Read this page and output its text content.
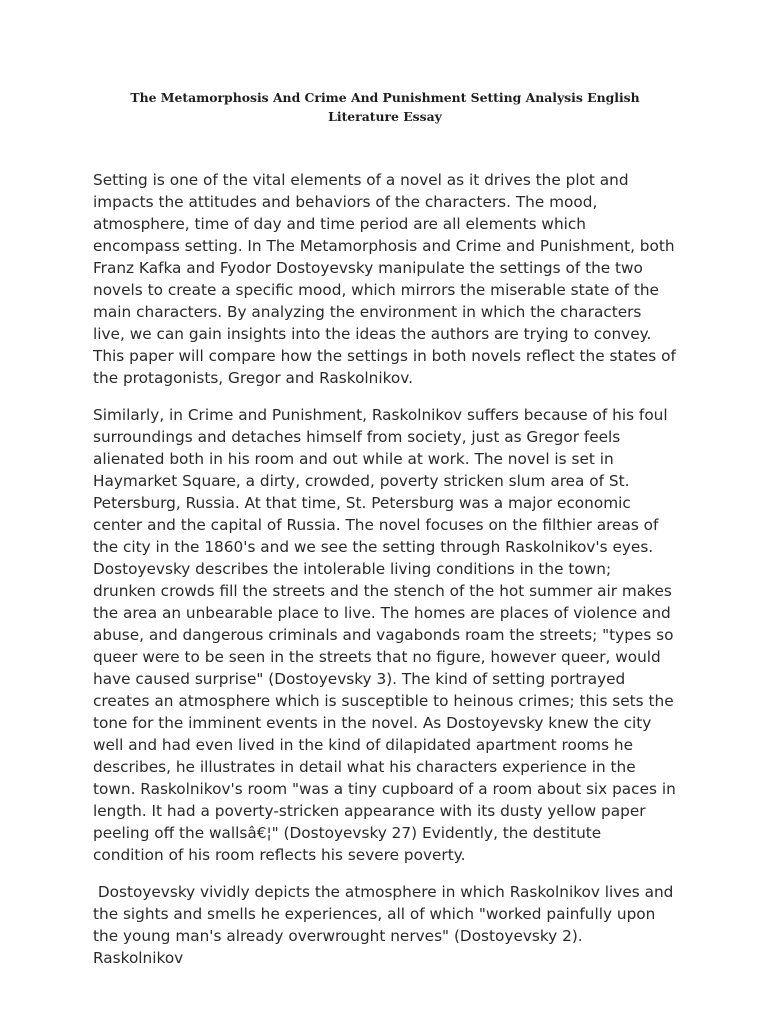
The Metamorphosis And Crime And Punishment Setting Analysis English Literature Essay

Setting is one of the vital elements of a novel as it drives the plot and impacts the attitudes and behaviors of the characters. The mood, atmosphere, time of day and time period are all elements which encompass setting. In The Metamorphosis and Crime and Punishment, both Franz Kafka and Fyodor Dostoyevsky manipulate the settings of the two novels to create a specific mood, which mirrors the miserable state of the main characters. By analyzing the environment in which the characters live, we can gain insights into the ideas the authors are trying to convey. This paper will compare how the settings in both novels reflect the states of the protagonists, Gregor and Raskolnikov.

Similarly, in Crime and Punishment, Raskolnikov suffers because of his foul surroundings and detaches himself from society, just as Gregor feels alienated both in his room and out while at work. The novel is set in Haymarket Square, a dirty, crowded, poverty stricken slum area of St. Petersburg, Russia. At that time, St. Petersburg was a major economic center and the capital of Russia. The novel focuses on the filthier areas of the city in the 1860's and we see the setting through Raskolnikov's eyes. Dostoyevsky describes the intolerable living conditions in the town; drunken crowds fill the streets and the stench of the hot summer air makes the area an unbearable place to live. The homes are places of violence and abuse, and dangerous criminals and vagabonds roam the streets; "types so queer were to be seen in the streets that no figure, however queer, would have caused surprise" (Dostoyevsky 3). The kind of setting portrayed creates an atmosphere which is susceptible to heinous crimes; this sets the tone for the imminent events in the novel. As Dostoyevsky knew the city well and had even lived in the kind of dilapidated apartment rooms he describes, he illustrates in detail what his characters experience in the town. Raskolnikov's room "was a tiny cupboard of a room about six paces in length. It had a poverty-stricken appearance with its dusty yellow paper peeling off the wallsâ€¦" (Dostoyevsky 27) Evidently, the destitute condition of his room reflects his severe poverty.

Dostoyevsky vividly depicts the atmosphere in which Raskolnikov lives and the sights and smells he experiences, all of which "worked painfully upon the young man's already overwrought nerves" (Dostoyevsky 2). Raskolnikov
